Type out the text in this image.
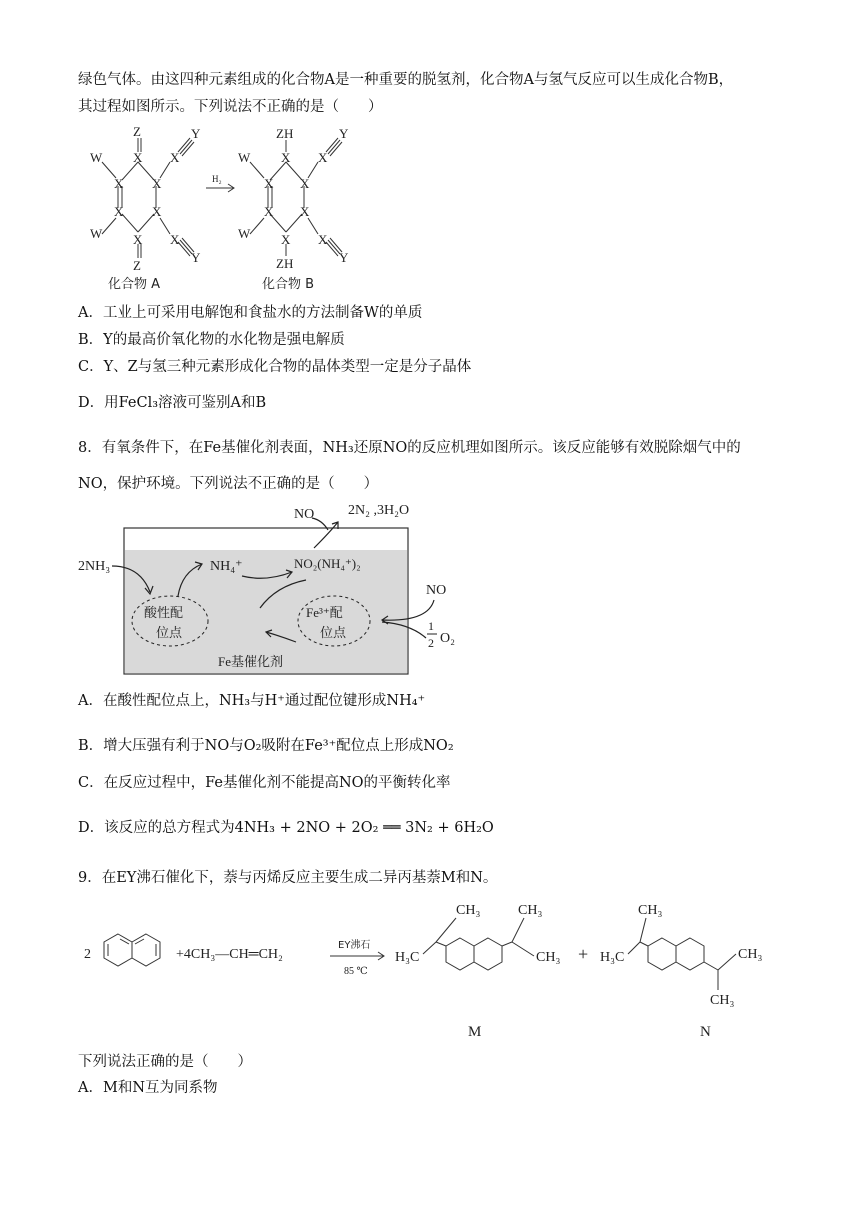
绿色气体。由这四种元素组成的化合物A是一种重要的脱氢剂，化合物A与氢气反应可以生成化合物B，
其过程如图所示。下列说法不正确的是（　　）
Z
X
X X
X X
X
Z
W
W
X
X
Y
Y
H₂
ZH
X
X X
X X
X
ZH
W
W
X
X
Y
Y
化合物 A	化合物 B
A．工业上可采用电解饱和食盐水的方法制备W的单质
B．Y的最高价氧化物的水化物是强电解质
C．Y、Z与氢三种元素形成化合物的晶体类型一定是分子晶体
D．用FeCl₃溶液可鉴别A和B
8．有氧条件下，在Fe基催化剂表面，NH₃还原NO的反应机理如图所示。该反应能够有效脱除烟气中的
NO，保护环境。下列说法不正确的是（　　）
2NH₃	NH₄⁺	NO₂(NH₄⁺)₂
NO 2N₂ ,3H₂O
NO
1
2 O₂
酸性配
位点
Fe³⁺配
位点
Fe基催化剂
A．在酸性配位点上，NH₃与H⁺通过配位键形成NH₄⁺
B．增大压强有利于NO与O₂吸附在Fe³⁺配位点上形成NO₂
C．在反应过程中，Fe基催化剂不能提高NO的平衡转化率
D．该反应的总方程式为4NH₃ + 2NO + 2O₂ ══ 3N₂ + 6H₂O
9．在EY沸石催化下，萘与丙烯反应主要生成二异丙基萘M和N。
2	+4CH₃—CH═CH₂
EY沸石
85 ℃
H₃C
CH₃	CH₃
CH₃ + H₃C
CH₃
CH₃
CH₃
M	N
下列说法正确的是（　　）
A．M和N互为同系物
